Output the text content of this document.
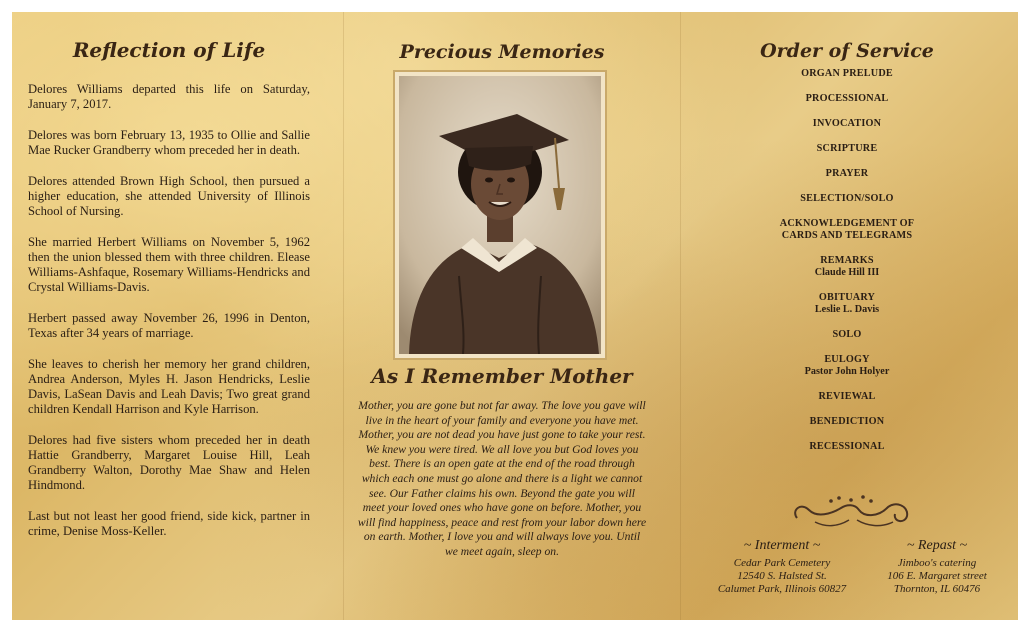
Reflection of Life

Delores Williams departed this life on Saturday, January 7, 2017.

Delores was born February 13, 1935 to Ollie and Sallie Mae Rucker Grandberry whom preceded her in death.

Delores attended Brown High School, then pursued a higher education, she attended University of Illinois School of Nursing.

She married Herbert Williams on November 5, 1962 then the union blessed them with three children. Elease Williams-Ashfaque, Rosemary Williams-Hendricks and Crystal Williams-Davis.

Herbert passed away November 26, 1996 in Denton, Texas after 34 years of marriage.

She leaves to cherish her memory her grand children, Andrea Anderson, Myles H. Jason Hendricks, Leslie Davis, LaSean Davis and Leah Davis; Two great grand children Kendall Harrison and Kyle Harrison.

Delores had five sisters whom preceded her in death Hattie Grandberry, Margaret Louise Hill, Leah Grandberry Walton, Dorothy Mae Shaw and Helen Hindmond.

Last but not least her good friend, side kick, partner in crime, Denise Moss-Keller.

Precious Memories
As I Remember Mother

Mother, you are gone but not far away. The love you gave will live in the heart of your family and everyone you have met. Mother, you are not dead you have just gone to take your rest. We knew you were tired. We all love you but God loves you best. There is an open gate at the end of the road through which each one must go alone and there is a light we cannot see. Our Father claims his own. Beyond the gate you will meet your loved ones who have gone on before. Mother, you will find happiness, peace and rest from your labor down here on earth. Mother, I love you and will always love you. Until we meet again, sleep on.

Order of Service
ORGAN PRELUDE
PROCESSIONAL
INVOCATION
SCRIPTURE
PRAYER
SELECTION/SOLO
ACKNOWLEDGEMENT OF CARDS AND TELEGRAMS
REMARKS
Claude Hill III
OBITUARY
Leslie L. Davis
SOLO
EULOGY
Pastor John Holyer
REVIEWAL
BENEDICTION
RECESSIONAL
~ Interment ~
Cedar Park Cemetery
12540 S. Halsted St.
Calumet Park, Illinois 60827
~ Repast ~
Jimboo's catering
106 E. Margaret street
Thornton, IL 60476
